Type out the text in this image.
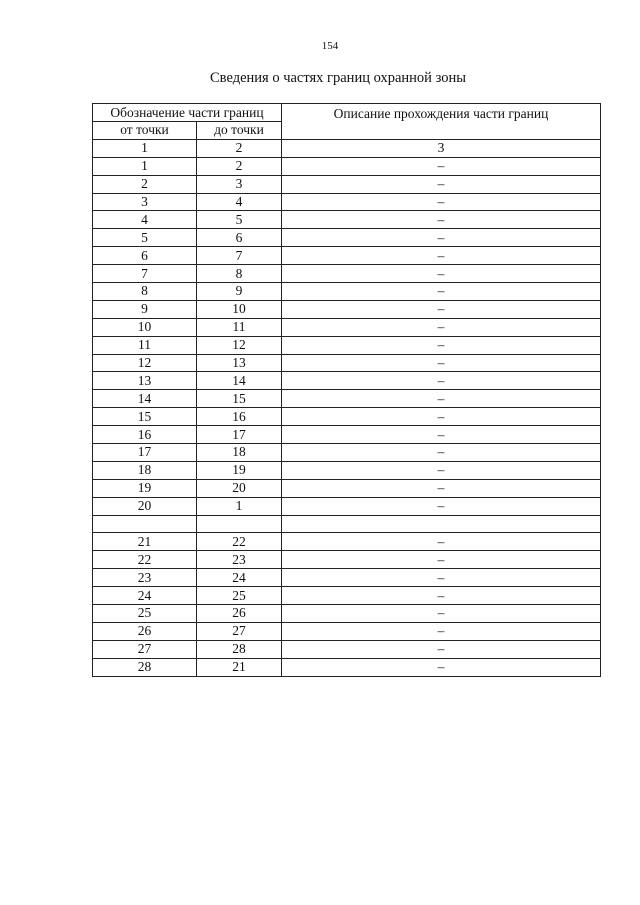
154
Сведения о частях границ охранной зоны
Обозначение части границ		Описание прохождения части границ
от точки	до точки	
1	2	3
1	2	–
2	3	–
3	4	–
4	5	–
5	6	–
6	7	–
7	8	–
8	9	–
9	10	–
10	11	–
11	12	–
12	13	–
13	14	–
14	15	–
15	16	–
16	17	–
17	18	–
18	19	–
19	20	–
20	1	–

21	22	–
22	23	–
23	24	–
24	25	–
25	26	–
26	27	–
27	28	–
28	21	–
